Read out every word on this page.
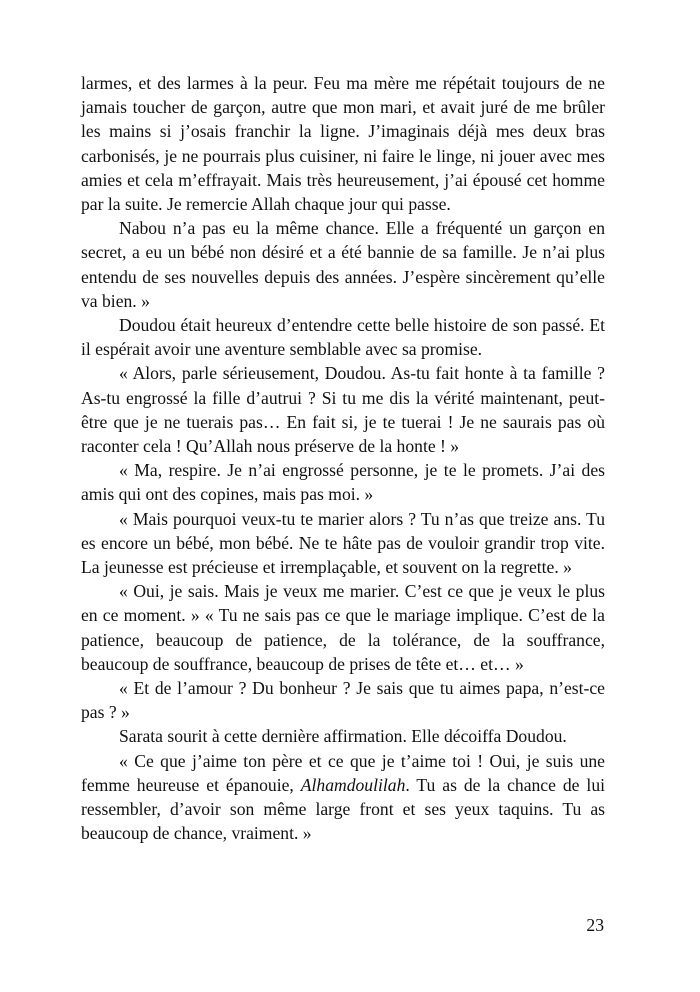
larmes, et des larmes à la peur. Feu ma mère me répétait toujours de ne jamais toucher de garçon, autre que mon mari, et avait juré de me brûler les mains si j’osais franchir la ligne. J’imaginais déjà mes deux bras carbonisés, je ne pourrais plus cuisiner, ni faire le linge, ni jouer avec mes amies et cela m’effrayait. Mais très heureusement, j’ai épousé cet homme par la suite. Je remercie Allah chaque jour qui passe.

Nabou n’a pas eu la même chance. Elle a fréquenté un garçon en secret, a eu un bébé non désiré et a été bannie de sa famille. Je n’ai plus entendu de ses nouvelles depuis des années. J’espère sincèrement qu’elle va bien. »

Doudou était heureux d’entendre cette belle histoire de son passé. Et il espérait avoir une aventure semblable avec sa promise.

« Alors, parle sérieusement, Doudou. As-tu fait honte à ta famille ? As-tu engrossé la fille d’autrui ? Si tu me dis la vérité maintenant, peut-être que je ne tuerais pas… En fait si, je te tuerai ! Je ne saurais pas où raconter cela ! Qu’Allah nous préserve de la honte ! »

« Ma, respire. Je n’ai engrossé personne, je te le promets. J’ai des amis qui ont des copines, mais pas moi. »

« Mais pourquoi veux-tu te marier alors ? Tu n’as que treize ans. Tu es encore un bébé, mon bébé. Ne te hâte pas de vouloir grandir trop vite. La jeunesse est précieuse et irremplaçable, et souvent on la regrette. »

« Oui, je sais. Mais je veux me marier. C’est ce que je veux le plus en ce moment. » « Tu ne sais pas ce que le mariage implique. C’est de la patience, beaucoup de patience, de la tolérance, de la souffrance, beaucoup de souffrance, beaucoup de prises de tête et… et… »

« Et de l’amour ? Du bonheur ? Je sais que tu aimes papa, n’est-ce pas ? »

Sarata sourit à cette dernière affirmation. Elle décoiffa Doudou.

« Ce que j’aime ton père et ce que je t’aime toi ! Oui, je suis une femme heureuse et épanouie, Alhamdoulilah. Tu as de la chance de lui ressembler, d’avoir son même large front et ses yeux taquins. Tu as beaucoup de chance, vraiment. »

23
